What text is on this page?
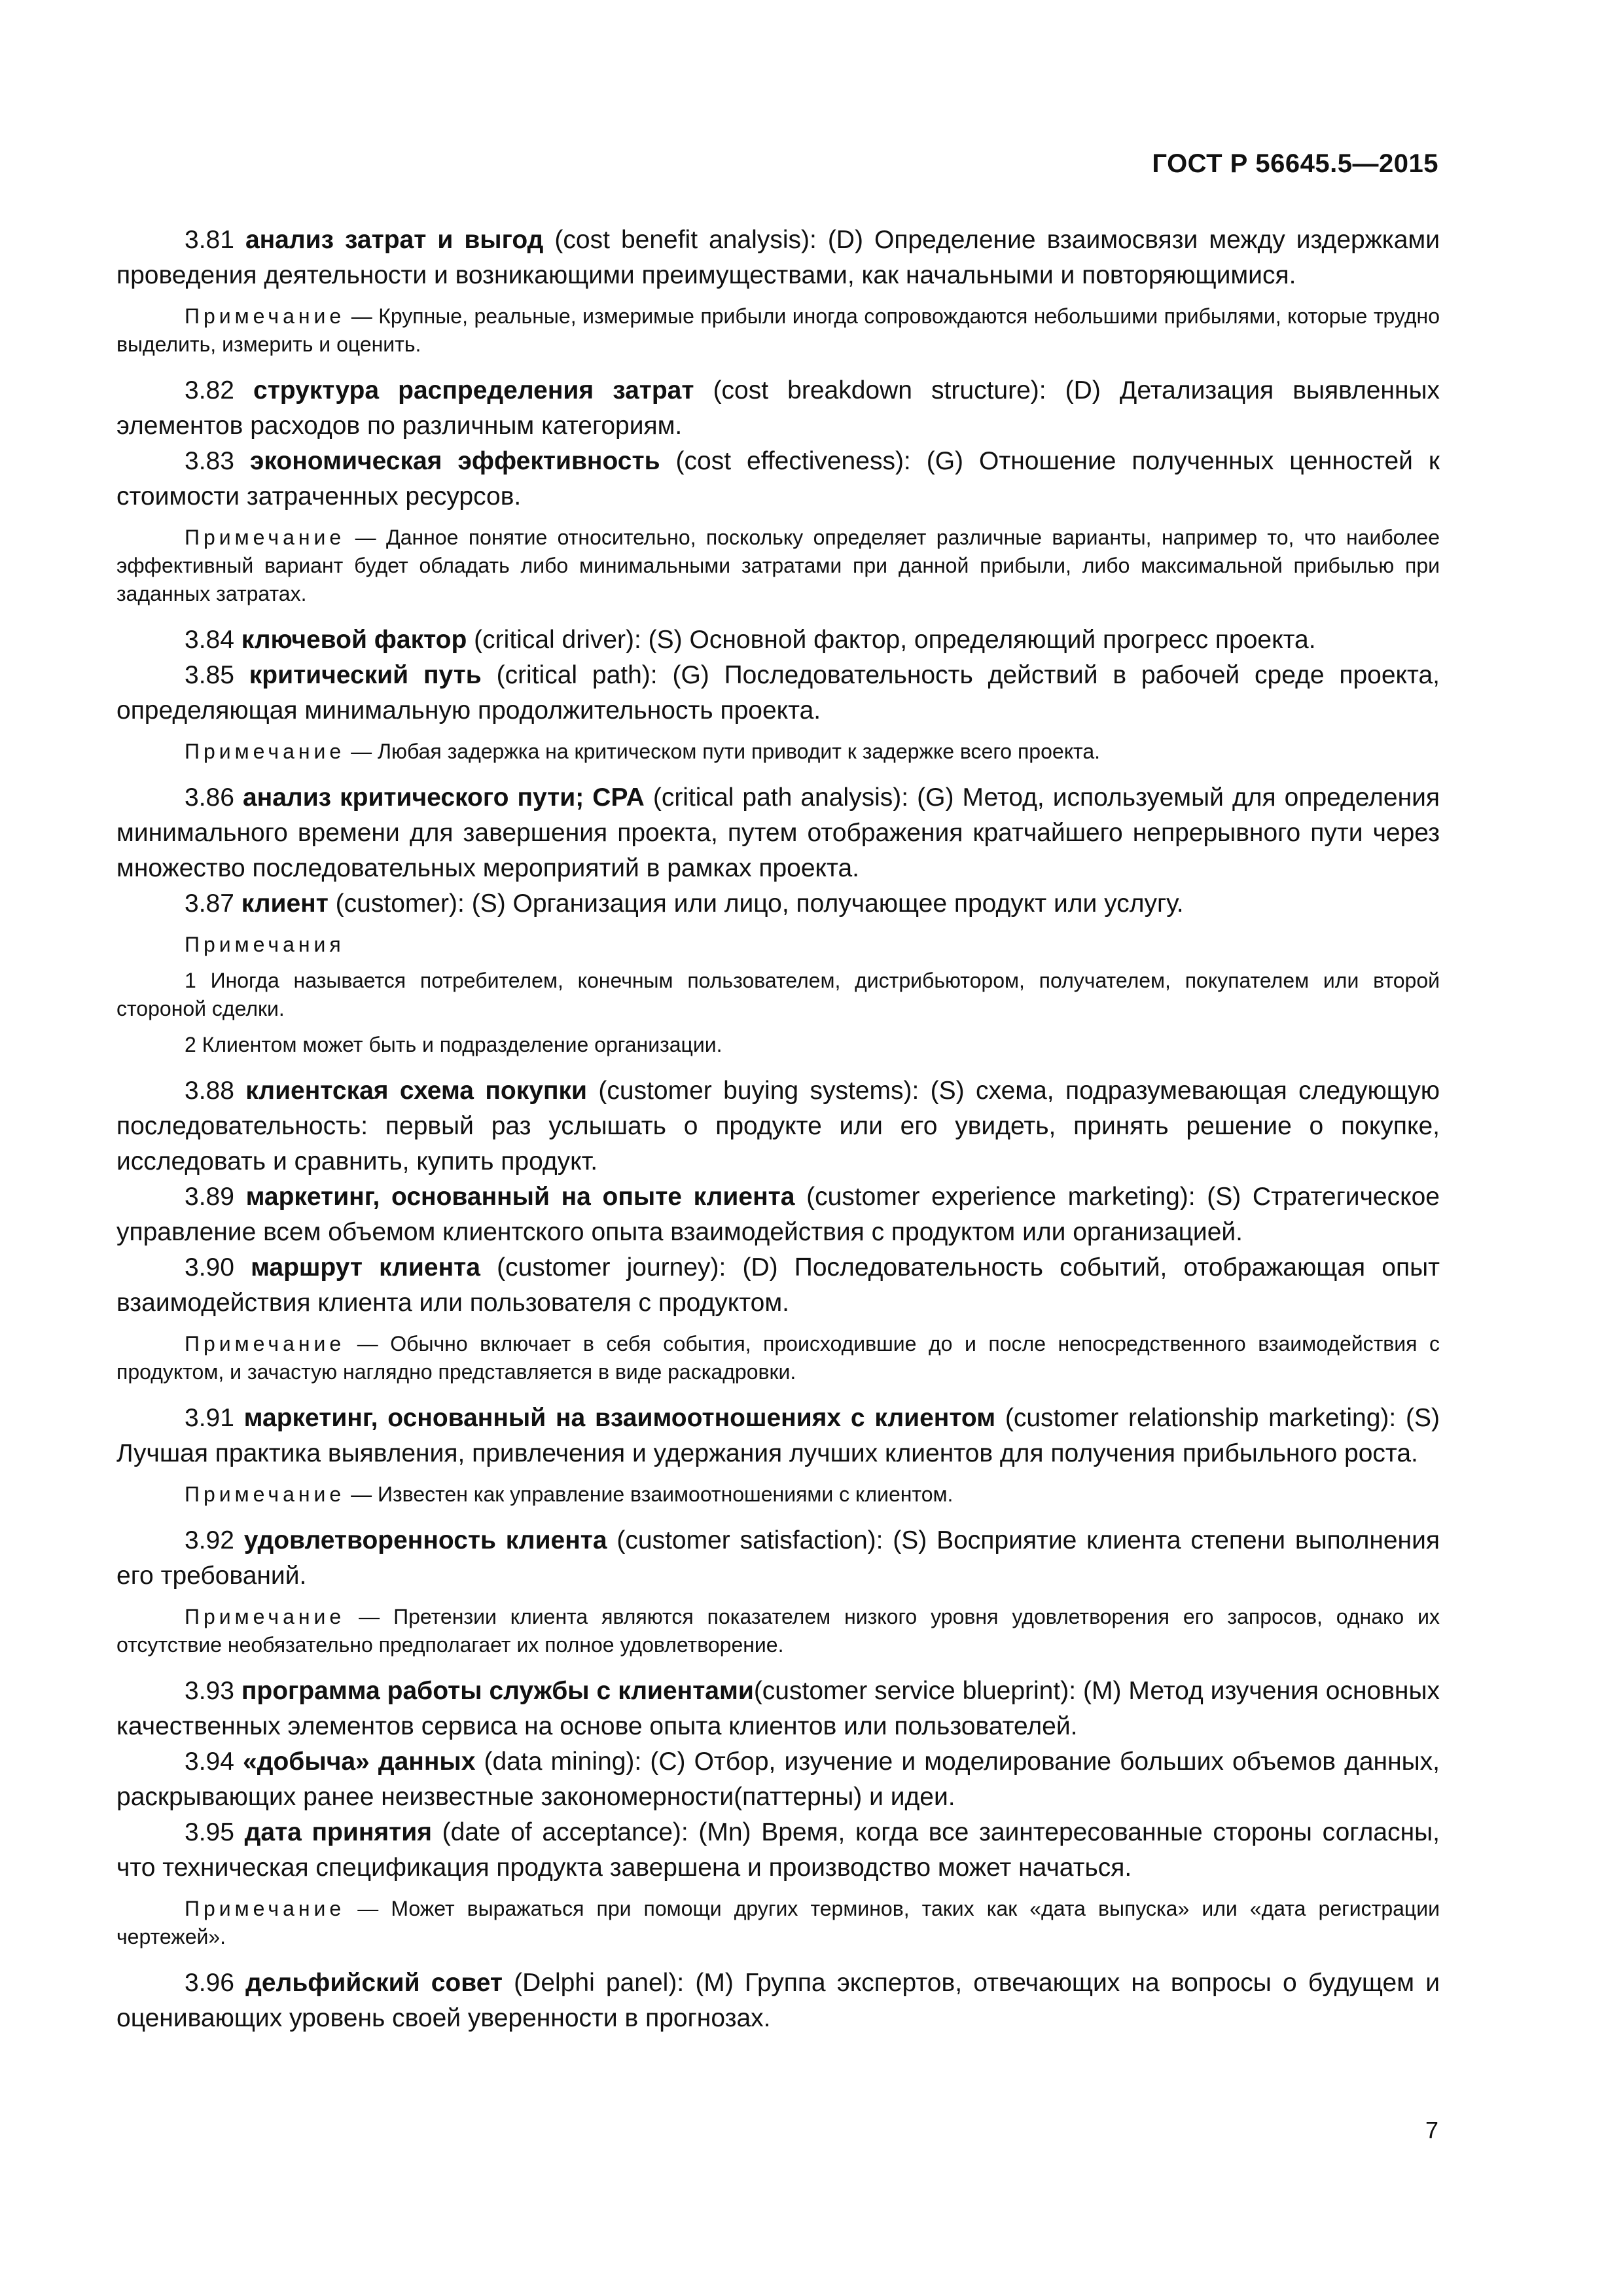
ГОСТ Р 56645.5—2015

3.81 анализ затрат и выгод (cost benefit analysis): (D) Определение взаимосвязи между издержками проведения деятельности и возникающими преимуществами, как начальными и повторяющимися.

Примечание — Крупные, реальные, измеримые прибыли иногда сопровождаются небольшими прибылями, которые трудно выделить, измерить и оценить.

3.82 структура распределения затрат (cost breakdown structure): (D) Детализация выявленных элементов расходов по различным категориям.

3.83 экономическая эффективность (cost effectiveness): (G) Отношение полученных ценностей к стоимости затраченных ресурсов.

Примечание — Данное понятие относительно, поскольку определяет различные варианты, например то, что наиболее эффективный вариант будет обладать либо минимальными затратами при данной прибыли, либо максимальной прибылью при заданных затратах.

3.84 ключевой фактор (critical driver): (S) Основной фактор, определяющий прогресс проекта.

3.85 критический путь (critical path): (G) Последовательность действий в рабочей среде проекта, определяющая минимальную продолжительность проекта.

Примечание — Любая задержка на критическом пути приводит к задержке всего проекта.

3.86 анализ критического пути; CPA (critical path analysis): (G) Метод, используемый для определения минимального времени для завершения проекта, путем отображения кратчайшего непрерывного пути через множество последовательных мероприятий в рамках проекта.

3.87 клиент (customer): (S) Организация или лицо, получающее продукт или услугу.

Примечания

1 Иногда называется потребителем, конечным пользователем, дистрибьютором, получателем, покупателем или второй стороной сделки.

2 Клиентом может быть и подразделение организации.

3.88 клиентская схема покупки (customer buying systems): (S) схема, подразумевающая следующую последовательность: первый раз услышать о продукте или его увидеть, принять решение о покупке, исследовать и сравнить, купить продукт.

3.89 маркетинг, основанный на опыте клиента (customer experience marketing): (S) Стратегическое управление всем объемом клиентского опыта взаимодействия с продуктом или организацией.

3.90 маршрут клиента (customer journey): (D) Последовательность событий, отображающая опыт взаимодействия клиента или пользователя с продуктом.

Примечание — Обычно включает в себя события, происходившие до и после непосредственного взаимодействия с продуктом, и зачастую наглядно представляется в виде раскадровки.

3.91 маркетинг, основанный на взаимоотношениях с клиентом (customer relationship marketing): (S) Лучшая практика выявления, привлечения и удержания лучших клиентов для получения прибыльного роста.

Примечание — Известен как управление взаимоотношениями с клиентом.

3.92 удовлетворенность клиента (customer satisfaction): (S) Восприятие клиента степени выполнения его требований.

Примечание — Претензии клиента являются показателем низкого уровня удовлетворения его запросов, однако их отсутствие необязательно предполагает их полное удовлетворение.

3.93 программа работы службы с клиентами(customer service blueprint): (M) Метод изучения основных качественных элементов сервиса на основе опыта клиентов или пользователей.

3.94 «добыча» данных (data mining): (C) Отбор, изучение и моделирование больших объемов данных, раскрывающих ранее неизвестные закономерности(паттерны) и идеи.

3.95 дата принятия (date of acceptance): (Mn) Время, когда все заинтересованные стороны согласны, что техническая спецификация продукта завершена и производство может начаться.

Примечание — Может выражаться при помощи других терминов, таких как «дата выпуска» или «дата регистрации чертежей».

3.96 дельфийский совет (Delphi panel): (M) Группа экспертов, отвечающих на вопросы о будущем и оценивающих уровень своей уверенности в прогнозах.

7
